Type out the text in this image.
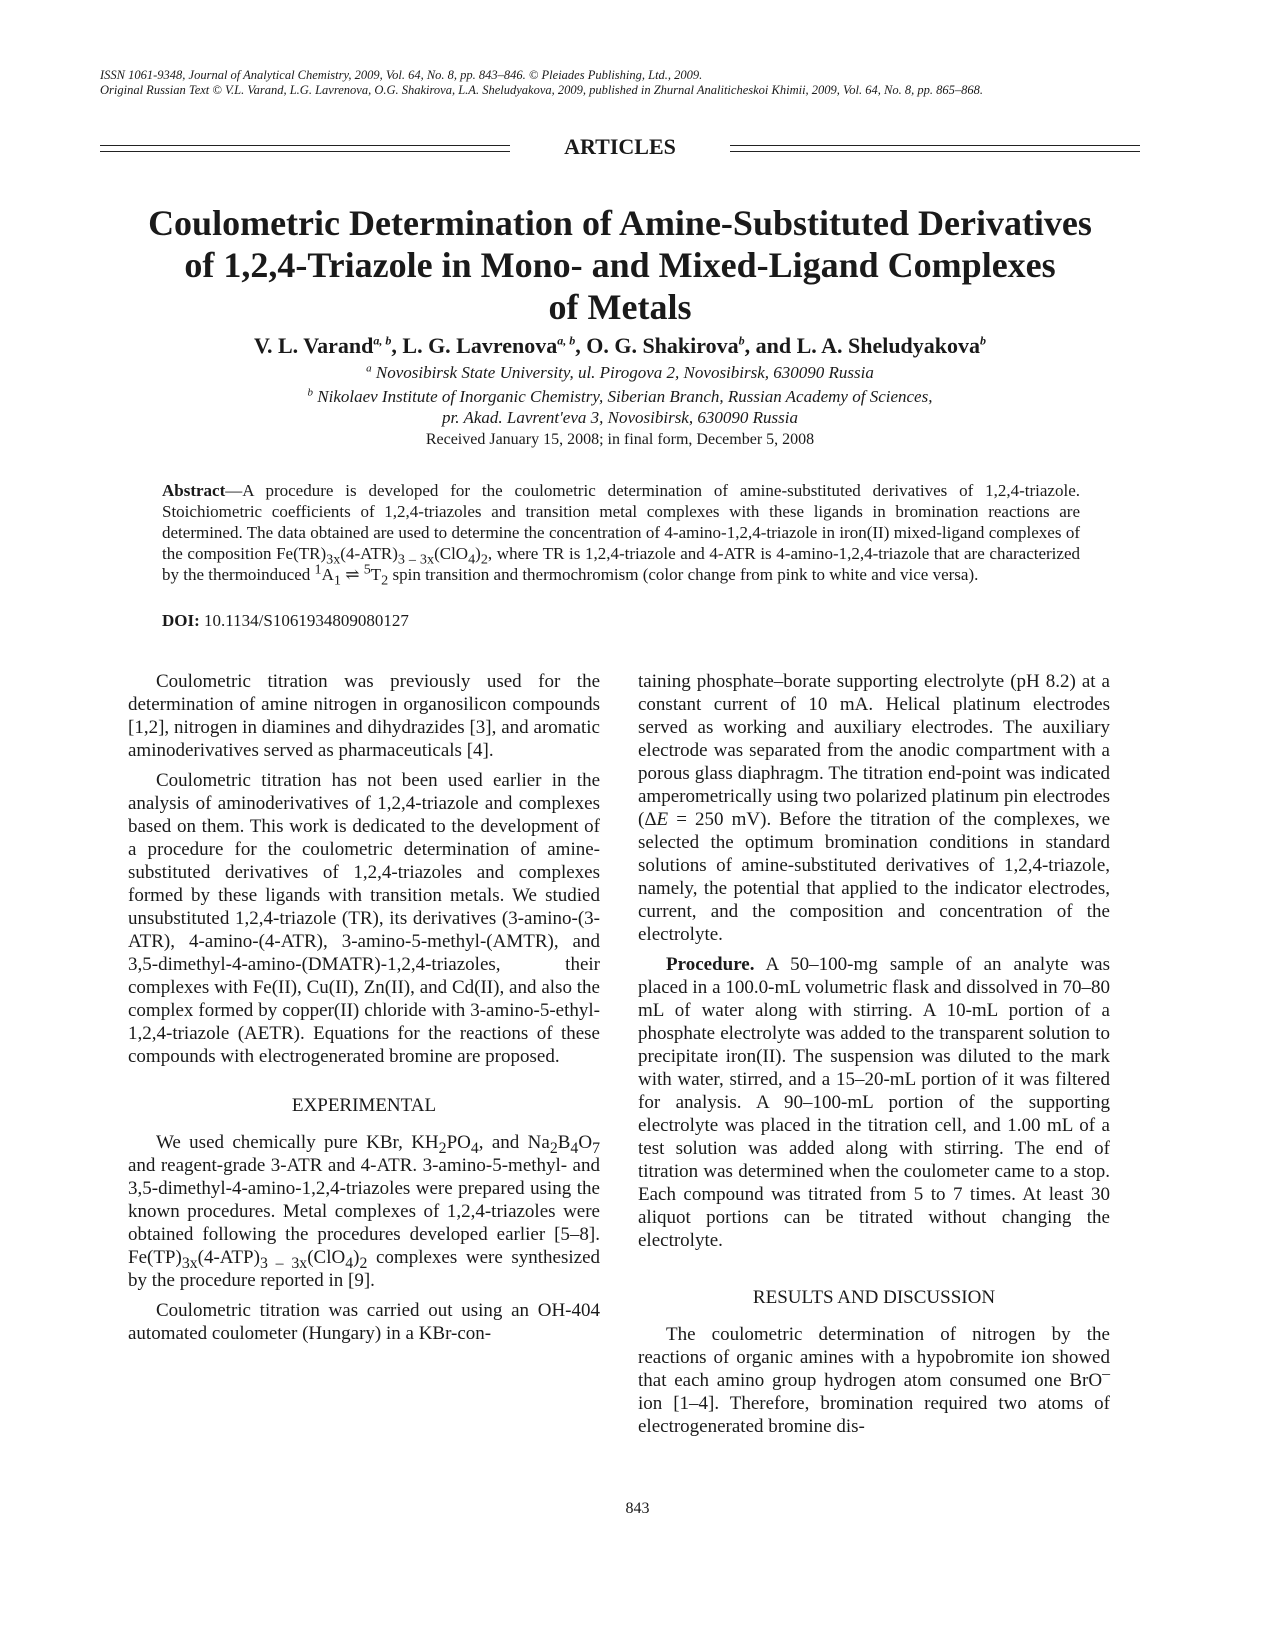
ISSN 1061-9348, Journal of Analytical Chemistry, 2009, Vol. 64, No. 8, pp. 843–846. © Pleiades Publishing, Ltd., 2009.
Original Russian Text © V.L. Varand, L.G. Lavrenova, O.G. Shakirova, L.A. Sheludyakova, 2009, published in Zhurnal Analiticheskoi Khimii, 2009, Vol. 64, No. 8, pp. 865–868.
ARTICLES
Coulometric Determination of Amine-Substituted Derivatives
of 1,2,4-Triazole in Mono- and Mixed-Ligand Complexes
of Metals
V. L. Varand$^{a, b}$, L. G. Lavrenova$^{a, b}$, O. G. Shakirova$^b$, and L. A. Sheludyakova$^b$
$^a$ Novosibirsk State University, ul. Pirogova 2, Novosibirsk, 630090 Russia
$^b$ Nikolaev Institute of Inorganic Chemistry, Siberian Branch, Russian Academy of Sciences,
pr. Akad. Lavrent'eva 3, Novosibirsk, 630090 Russia
Received January 15, 2008; in final form, December 5, 2008
Abstract—A procedure is developed for the coulometric determination of amine-substituted derivatives of 1,2,4-triazole. Stoichiometric coefficients of 1,2,4-triazoles and transition metal complexes with these ligands in bromination reactions are determined. The data obtained are used to determine the concentration of 4-amino-1,2,4-triazole in iron(II) mixed-ligand complexes of the composition $Fe(TR)_{3x}(4-ATR)_{3 - 3x}(ClO_4)_2$, where TR is 1,2,4-triazole and 4-ATR is 4-amino-1,2,4-triazole that are characterized by the thermoinduced $^1A_1$ ⇌ $^5T_2$ spin transition and thermochromism (color change from pink to white and vice versa).
DOI: 10.1134/S1061934809080127

Coulometric titration was previously used for the determination of amine nitrogen in organosilicon compounds [1,2], nitrogen in diamines and dihydrazides [3], and aromatic aminoderivatives served as pharmaceuticals [4].

Coulometric titration has not been used earlier in the analysis of aminoderivatives of 1,2,4-triazole and complexes based on them. This work is dedicated to the development of a procedure for the coulometric determination of amine-substituted derivatives of 1,2,4-triazoles and complexes formed by these ligands with transition metals. We studied unsubstituted 1,2,4-triazole (TR), its derivatives (3-amino-(3-ATR), 4-amino-(4-ATR), 3-amino-5-methyl-(AMTR), and 3,5-dimethyl-4-amino-(DMATR)-1,2,4-triazoles, their complexes with Fe(II), Cu(II), Zn(II), and Cd(II), and also the complex formed by copper(II) chloride with 3-amino-5-ethyl-1,2,4-triazole (AETR). Equations for the reactions of these compounds with electrogenerated bromine are proposed.

EXPERIMENTAL

We used chemically pure KBr, $KH_2PO_4$, and $Na_2B_4O_7$ and reagent-grade 3-ATR and 4-ATR. 3-amino-5-methyl- and 3,5-dimethyl-4-amino-1,2,4-triazoles were prepared using the known procedures. Metal complexes of 1,2,4-triazoles were obtained following the procedures developed earlier [5–8]. $Fe(TP)_{3x}(4-ATP)_{3 - 3x}(ClO_4)_2$ complexes were synthesized by the procedure reported in [9].

Coulometric titration was carried out using an OH-404 automated coulometer (Hungary) in a KBr-con-

taining phosphate–borate supporting electrolyte (pH 8.2) at a constant current of 10 mA. Helical platinum electrodes served as working and auxiliary electrodes. The auxiliary electrode was separated from the anodic compartment with a porous glass diaphragm. The titration end-point was indicated amperometrically using two polarized platinum pin electrodes (ΔE = 250 mV). Before the titration of the complexes, we selected the optimum bromination conditions in standard solutions of amine-substituted derivatives of 1,2,4-triazole, namely, the potential that applied to the indicator electrodes, current, and the composition and concentration of the electrolyte.

Procedure. A 50–100-mg sample of an analyte was placed in a 100.0-mL volumetric flask and dissolved in 70–80 mL of water along with stirring. A 10-mL portion of a phosphate electrolyte was added to the transparent solution to precipitate iron(II). The suspension was diluted to the mark with water, stirred, and a 15–20-mL portion of it was filtered for analysis. A 90–100-mL portion of the supporting electrolyte was placed in the titration cell, and 1.00 mL of a test solution was added along with stirring. The end of titration was determined when the coulometer came to a stop. Each compound was titrated from 5 to 7 times. At least 30 aliquot portions can be titrated without changing the electrolyte.

RESULTS AND DISCUSSION

The coulometric determination of nitrogen by the reactions of organic amines with a hypobromite ion showed that each amino group hydrogen atom consumed one BrO– ion [1–4]. Therefore, bromination required two atoms of electrogenerated bromine dis-

843
